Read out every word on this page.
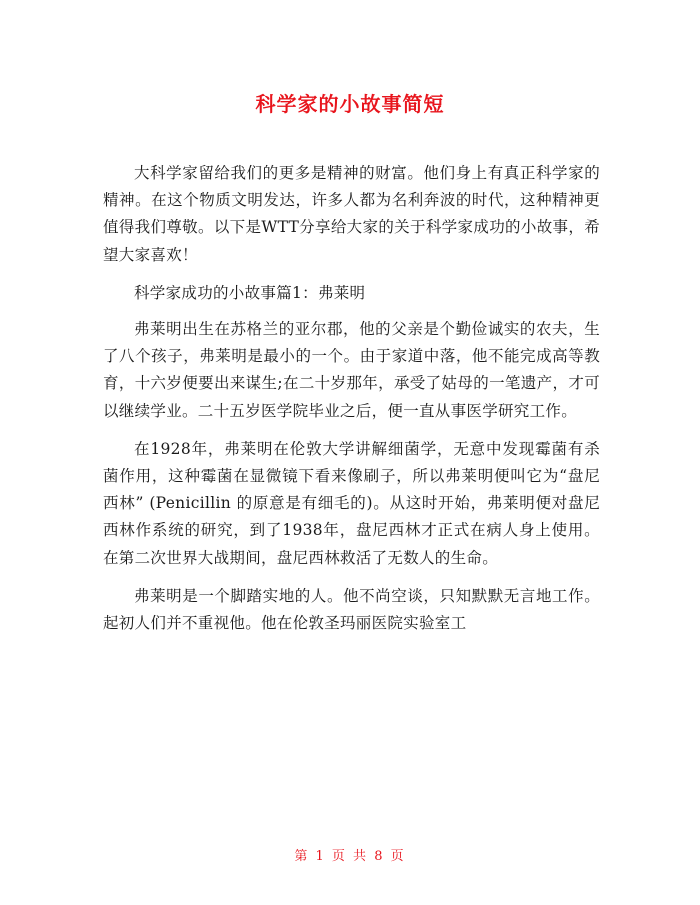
科学家的小故事简短

大科学家留给我们的更多是精神的财富。他们身上有真正科学家的精神。在这个物质文明发达，许多人都为名利奔波的时代，这种精神更值得我们尊敬。以下是WTT分享给大家的关于科学家成功的小故事，希望大家喜欢！

科学家成功的小故事篇1：弗莱明

弗莱明出生在苏格兰的亚尔郡，他的父亲是个勤俭诚实的农夫，生了八个孩子，弗莱明是最小的一个。由于家道中落，他不能完成高等教育，十六岁便要出来谋生;在二十岁那年，承受了姑母的一笔遗产，才可以继续学业。二十五岁医学院毕业之后，便一直从事医学研究工作。

在1928年，弗莱明在伦敦大学讲解细菌学，无意中发现霉菌有杀菌作用，这种霉菌在显微镜下看来像刷子，所以弗莱明便叫它为“盘尼西林” (Penicillin 的原意是有细毛的)。从这时开始，弗莱明便对盘尼西林作系统的研究，到了1938年，盘尼西林才正式在病人身上使用。在第二次世界大战期间，盘尼西林救活了无数人的生命。

弗莱明是一个脚踏实地的人。他不尚空谈，只知默默无言地工作。起初人们并不重视他。他在伦敦圣玛丽医院实验室工

第 1 页 共 8 页
